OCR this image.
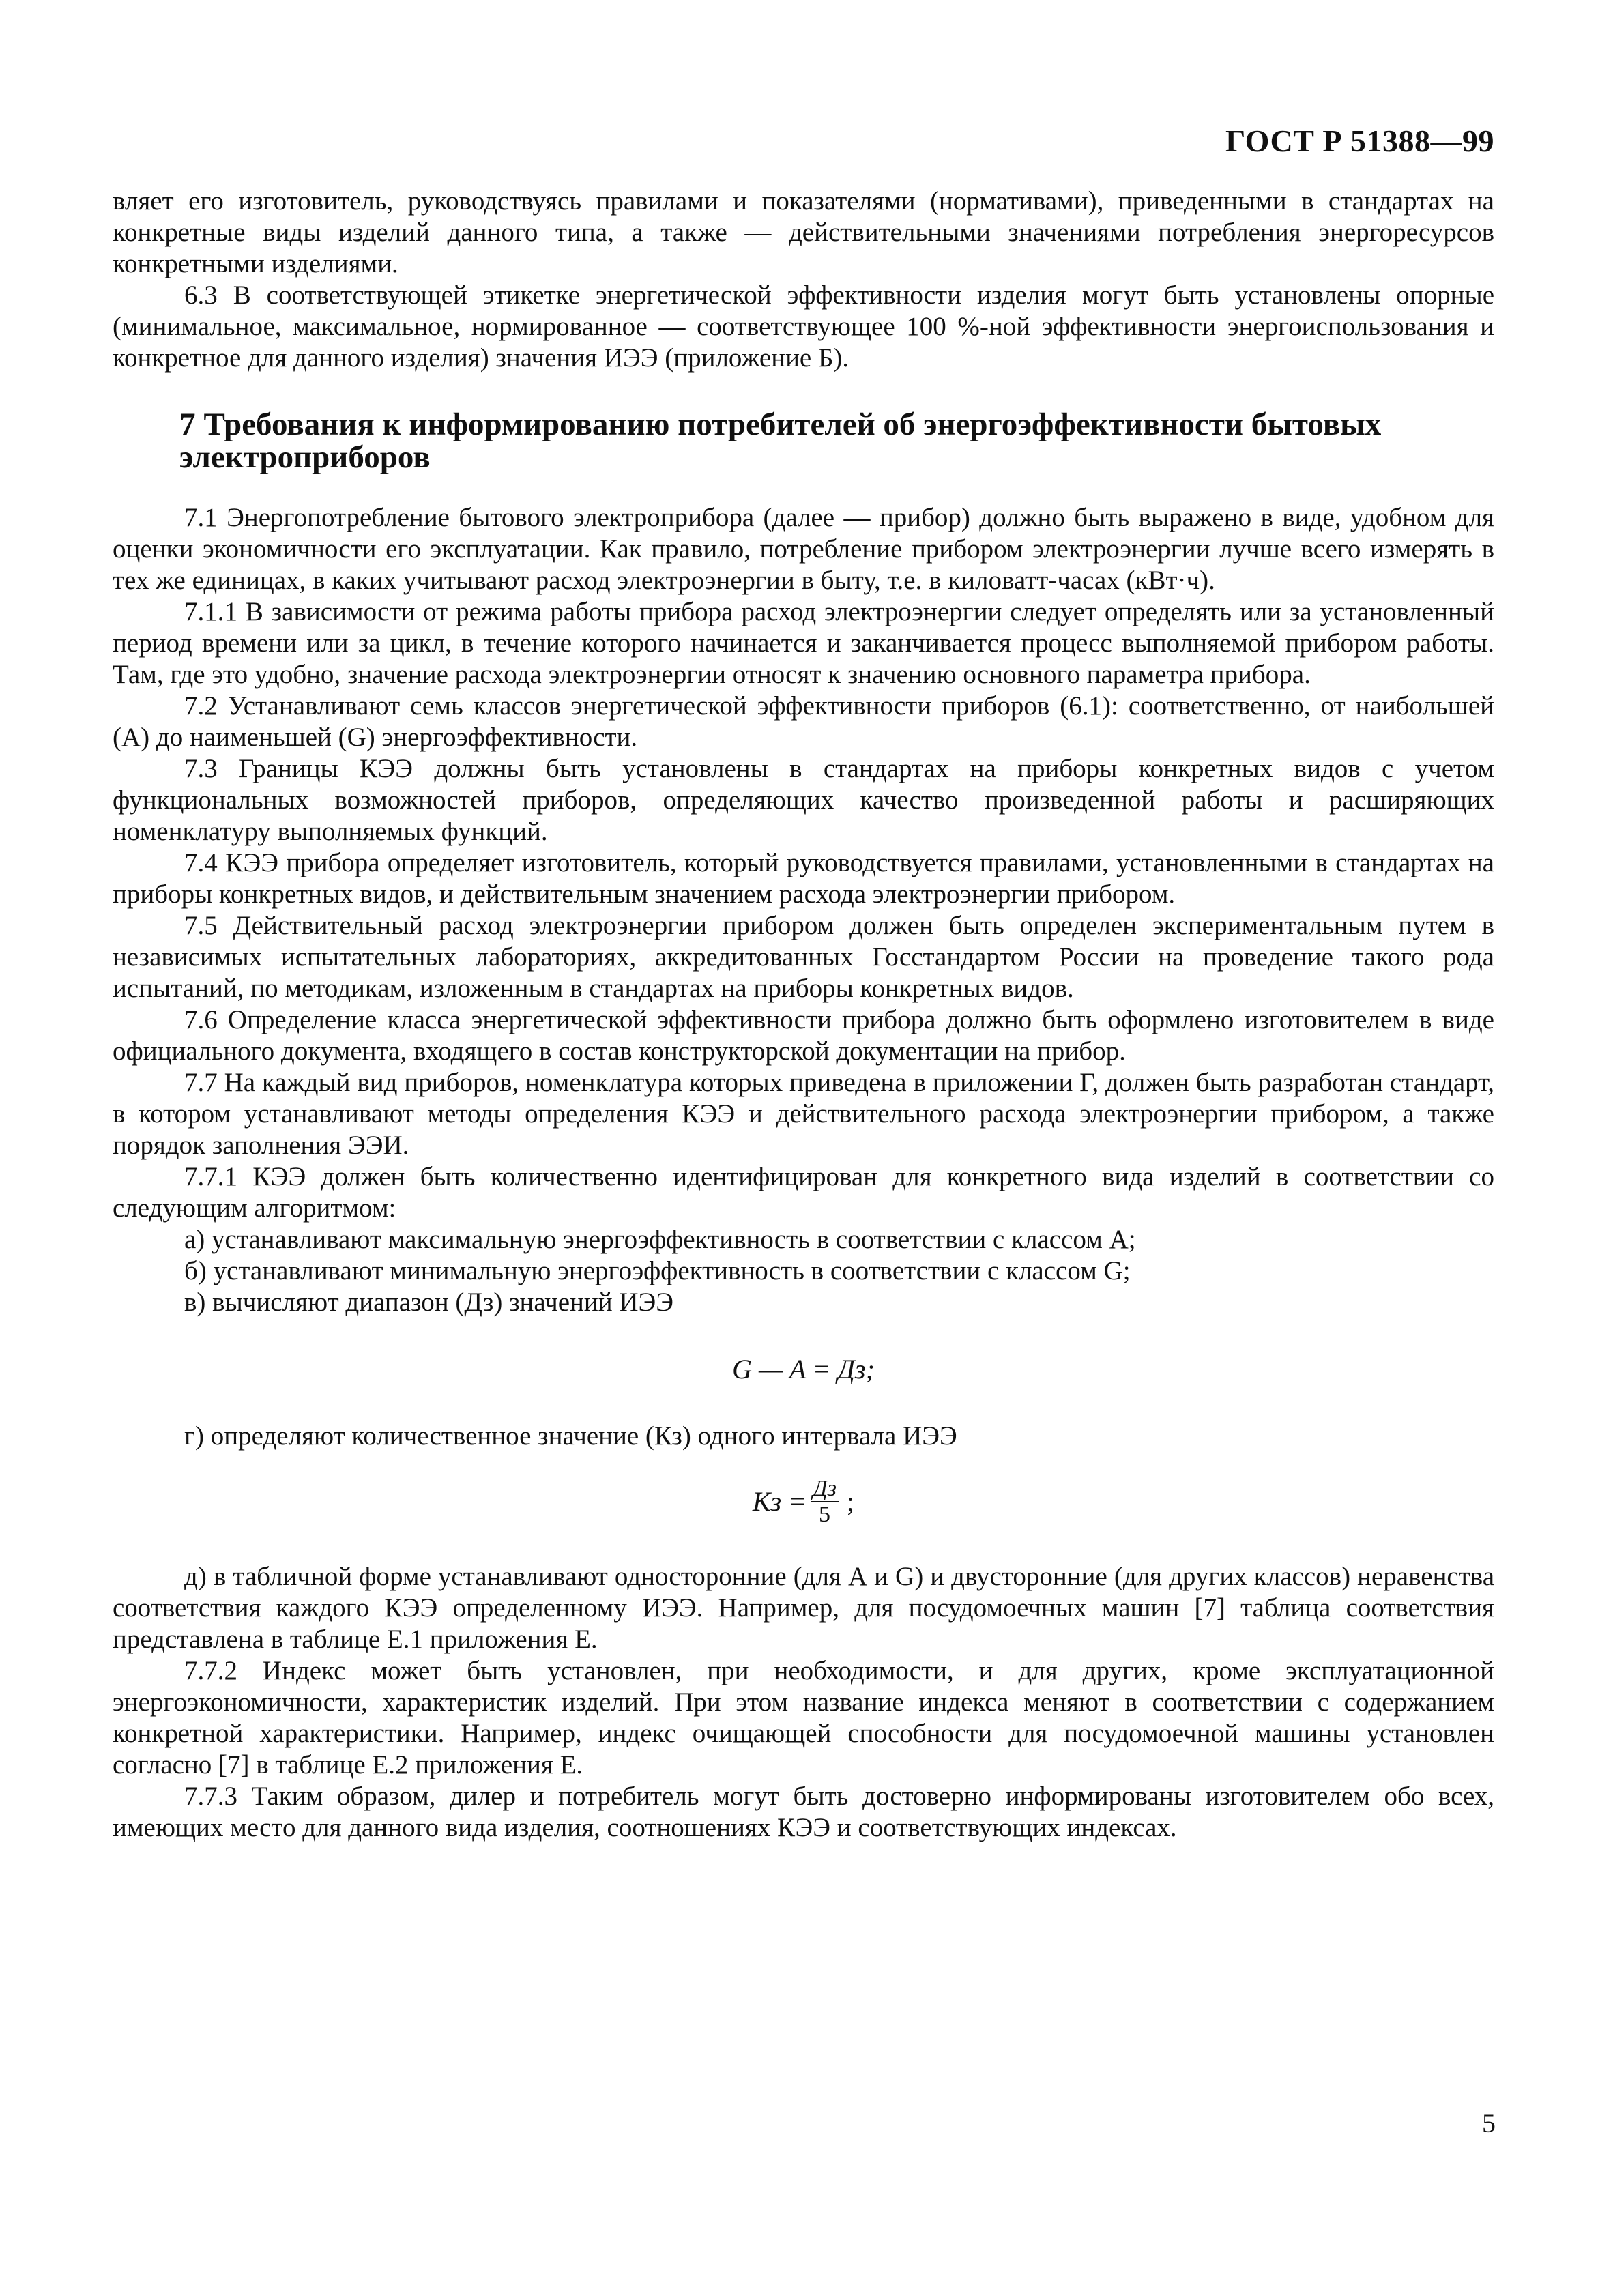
ГОСТ Р 51388—99

вляет его изготовитель, руководствуясь правилами и показателями (нормативами), приведенными в стандартах на конкретные виды изделий данного типа, а также — действительными значениями потребления энергоресурсов конкретными изделиями.

6.3 В соответствующей этикетке энергетической эффективности изделия могут быть установлены опорные (минимальное, максимальное, нормированное — соответствующее 100 %-ной эффективности энергоиспользования и конкретное для данного изделия) значения ИЭЭ (приложение Б).

7 Требования к информированию потребителей об энергоэффективности бытовых электроприборов

7.1 Энергопотребление бытового электроприбора (далее — прибор) должно быть выражено в виде, удобном для оценки экономичности его эксплуатации. Как правило, потребление прибором электроэнергии лучше всего измерять в тех же единицах, в каких учитывают расход электроэнергии в быту, т.е. в киловатт-часах (кВт·ч).

7.1.1 В зависимости от режима работы прибора расход электроэнергии следует определять или за установленный период времени или за цикл, в течение которого начинается и заканчивается процесс выполняемой прибором работы. Там, где это удобно, значение расхода электроэнергии относят к значению основного параметра прибора.

7.2 Устанавливают семь классов энергетической эффективности приборов (6.1): соответственно, от наибольшей (А) до наименьшей (G) энергоэффективности.

7.3 Границы КЭЭ должны быть установлены в стандартах на приборы конкретных видов с учетом функциональных возможностей приборов, определяющих качество произведенной работы и расширяющих номенклатуру выполняемых функций.

7.4 КЭЭ прибора определяет изготовитель, который руководствуется правилами, установленными в стандартах на приборы конкретных видов, и действительным значением расхода электроэнергии прибором.

7.5 Действительный расход электроэнергии прибором должен быть определен экспериментальным путем в независимых испытательных лабораториях, аккредитованных Госстандартом России на проведение такого рода испытаний, по методикам, изложенным в стандартах на приборы конкретных видов.

7.6 Определение класса энергетической эффективности прибора должно быть оформлено изготовителем в виде официального документа, входящего в состав конструкторской документации на прибор.

7.7 На каждый вид приборов, номенклатура которых приведена в приложении Г, должен быть разработан стандарт, в котором устанавливают методы определения КЭЭ и действительного расхода электроэнергии прибором, а также порядок заполнения ЭЭИ.

7.7.1 КЭЭ должен быть количественно идентифицирован для конкретного вида изделий в соответствии со следующим алгоритмом:

а) устанавливают максимальную энергоэффективность в соответствии с классом А;

б) устанавливают минимальную энергоэффективность в соответствии с классом G;

в) вычисляют диапазон (Дз) значений ИЭЭ

G — A = Дз;

г) определяют количественное значение (Кз) одного интервала ИЭЭ

Кз = $\frac{Дз}{5}$ ;

д) в табличной форме устанавливают односторонние (для А и G) и двусторонние (для других классов) неравенства соответствия каждого КЭЭ определенному ИЭЭ. Например, для посудомоечных машин [7] таблица соответствия представлена в таблице Е.1 приложения Е.

7.7.2 Индекс может быть установлен, при необходимости, и для других, кроме эксплуатационной энергоэкономичности, характеристик изделий. При этом название индекса меняют в соответствии с содержанием конкретной характеристики. Например, индекс очищающей способности для посудомоечной машины установлен согласно [7] в таблице Е.2 приложения Е.

7.7.3 Таким образом, дилер и потребитель могут быть достоверно информированы изготовителем обо всех, имеющих место для данного вида изделия, соотношениях КЭЭ и соответствующих индексах.

5
